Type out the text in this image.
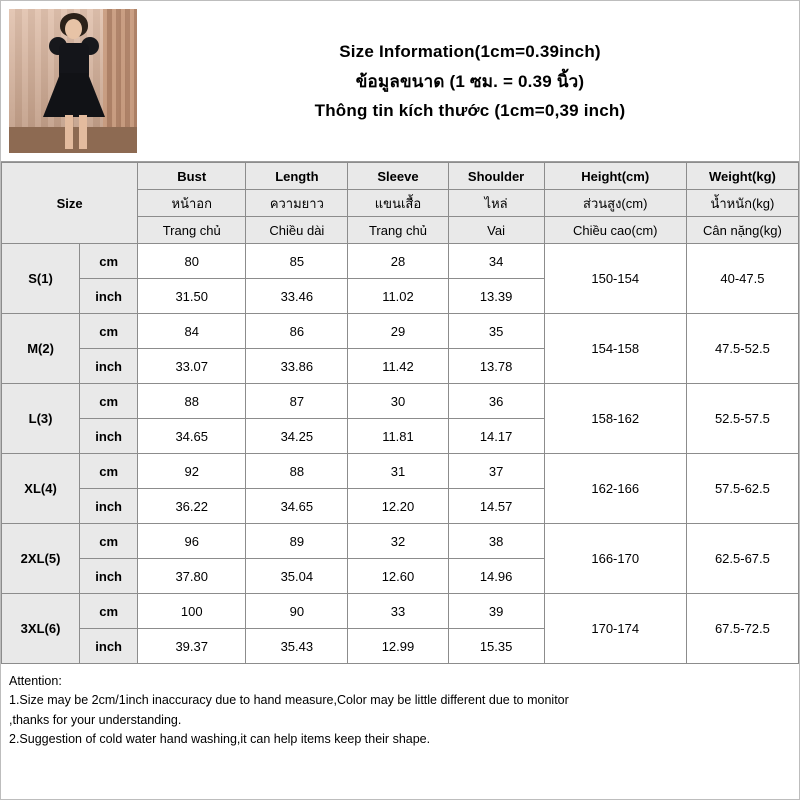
Size Information(1cm=0.39inch)
ข้อมูลขนาด (1 ซม. = 0.39 นิ้ว)
Thông tin kích thước (1cm=0,39 inch)
Size		Bust	Length	Sleeve	Shoulder	Height(cm)	Weight(kg)
		หน้าอก	ความยาว	แขนเสื้อ	ไหล่	ส่วนสูง(cm)	น้ำหนัก(kg)
		Trang chủ	Chiều dài	Trang chủ	Vai	Chiều cao(cm)	Cân nặng(kg)
S(1)	cm	80	85	28	34	150-154	40-47.5
	inch	31.50	33.46	11.02	13.39		
M(2)	cm	84	86	29	35	154-158	47.5-52.5
	inch	33.07	33.86	11.42	13.78		
L(3)	cm	88	87	30	36	158-162	52.5-57.5
	inch	34.65	34.25	11.81	14.17		
XL(4)	cm	92	88	31	37	162-166	57.5-62.5
	inch	36.22	34.65	12.20	14.57		
2XL(5)	cm	96	89	32	38	166-170	62.5-67.5
	inch	37.80	35.04	12.60	14.96		
3XL(6)	cm	100	90	33	39	170-174	67.5-72.5
	inch	39.37	35.43	12.99	15.35		
Attention:
1.Size may be 2cm/1inch inaccuracy due to hand measure,Color may be little different due to monitor
,thanks for your understanding.
2.Suggestion of cold water hand washing,it can help items keep their shape.
